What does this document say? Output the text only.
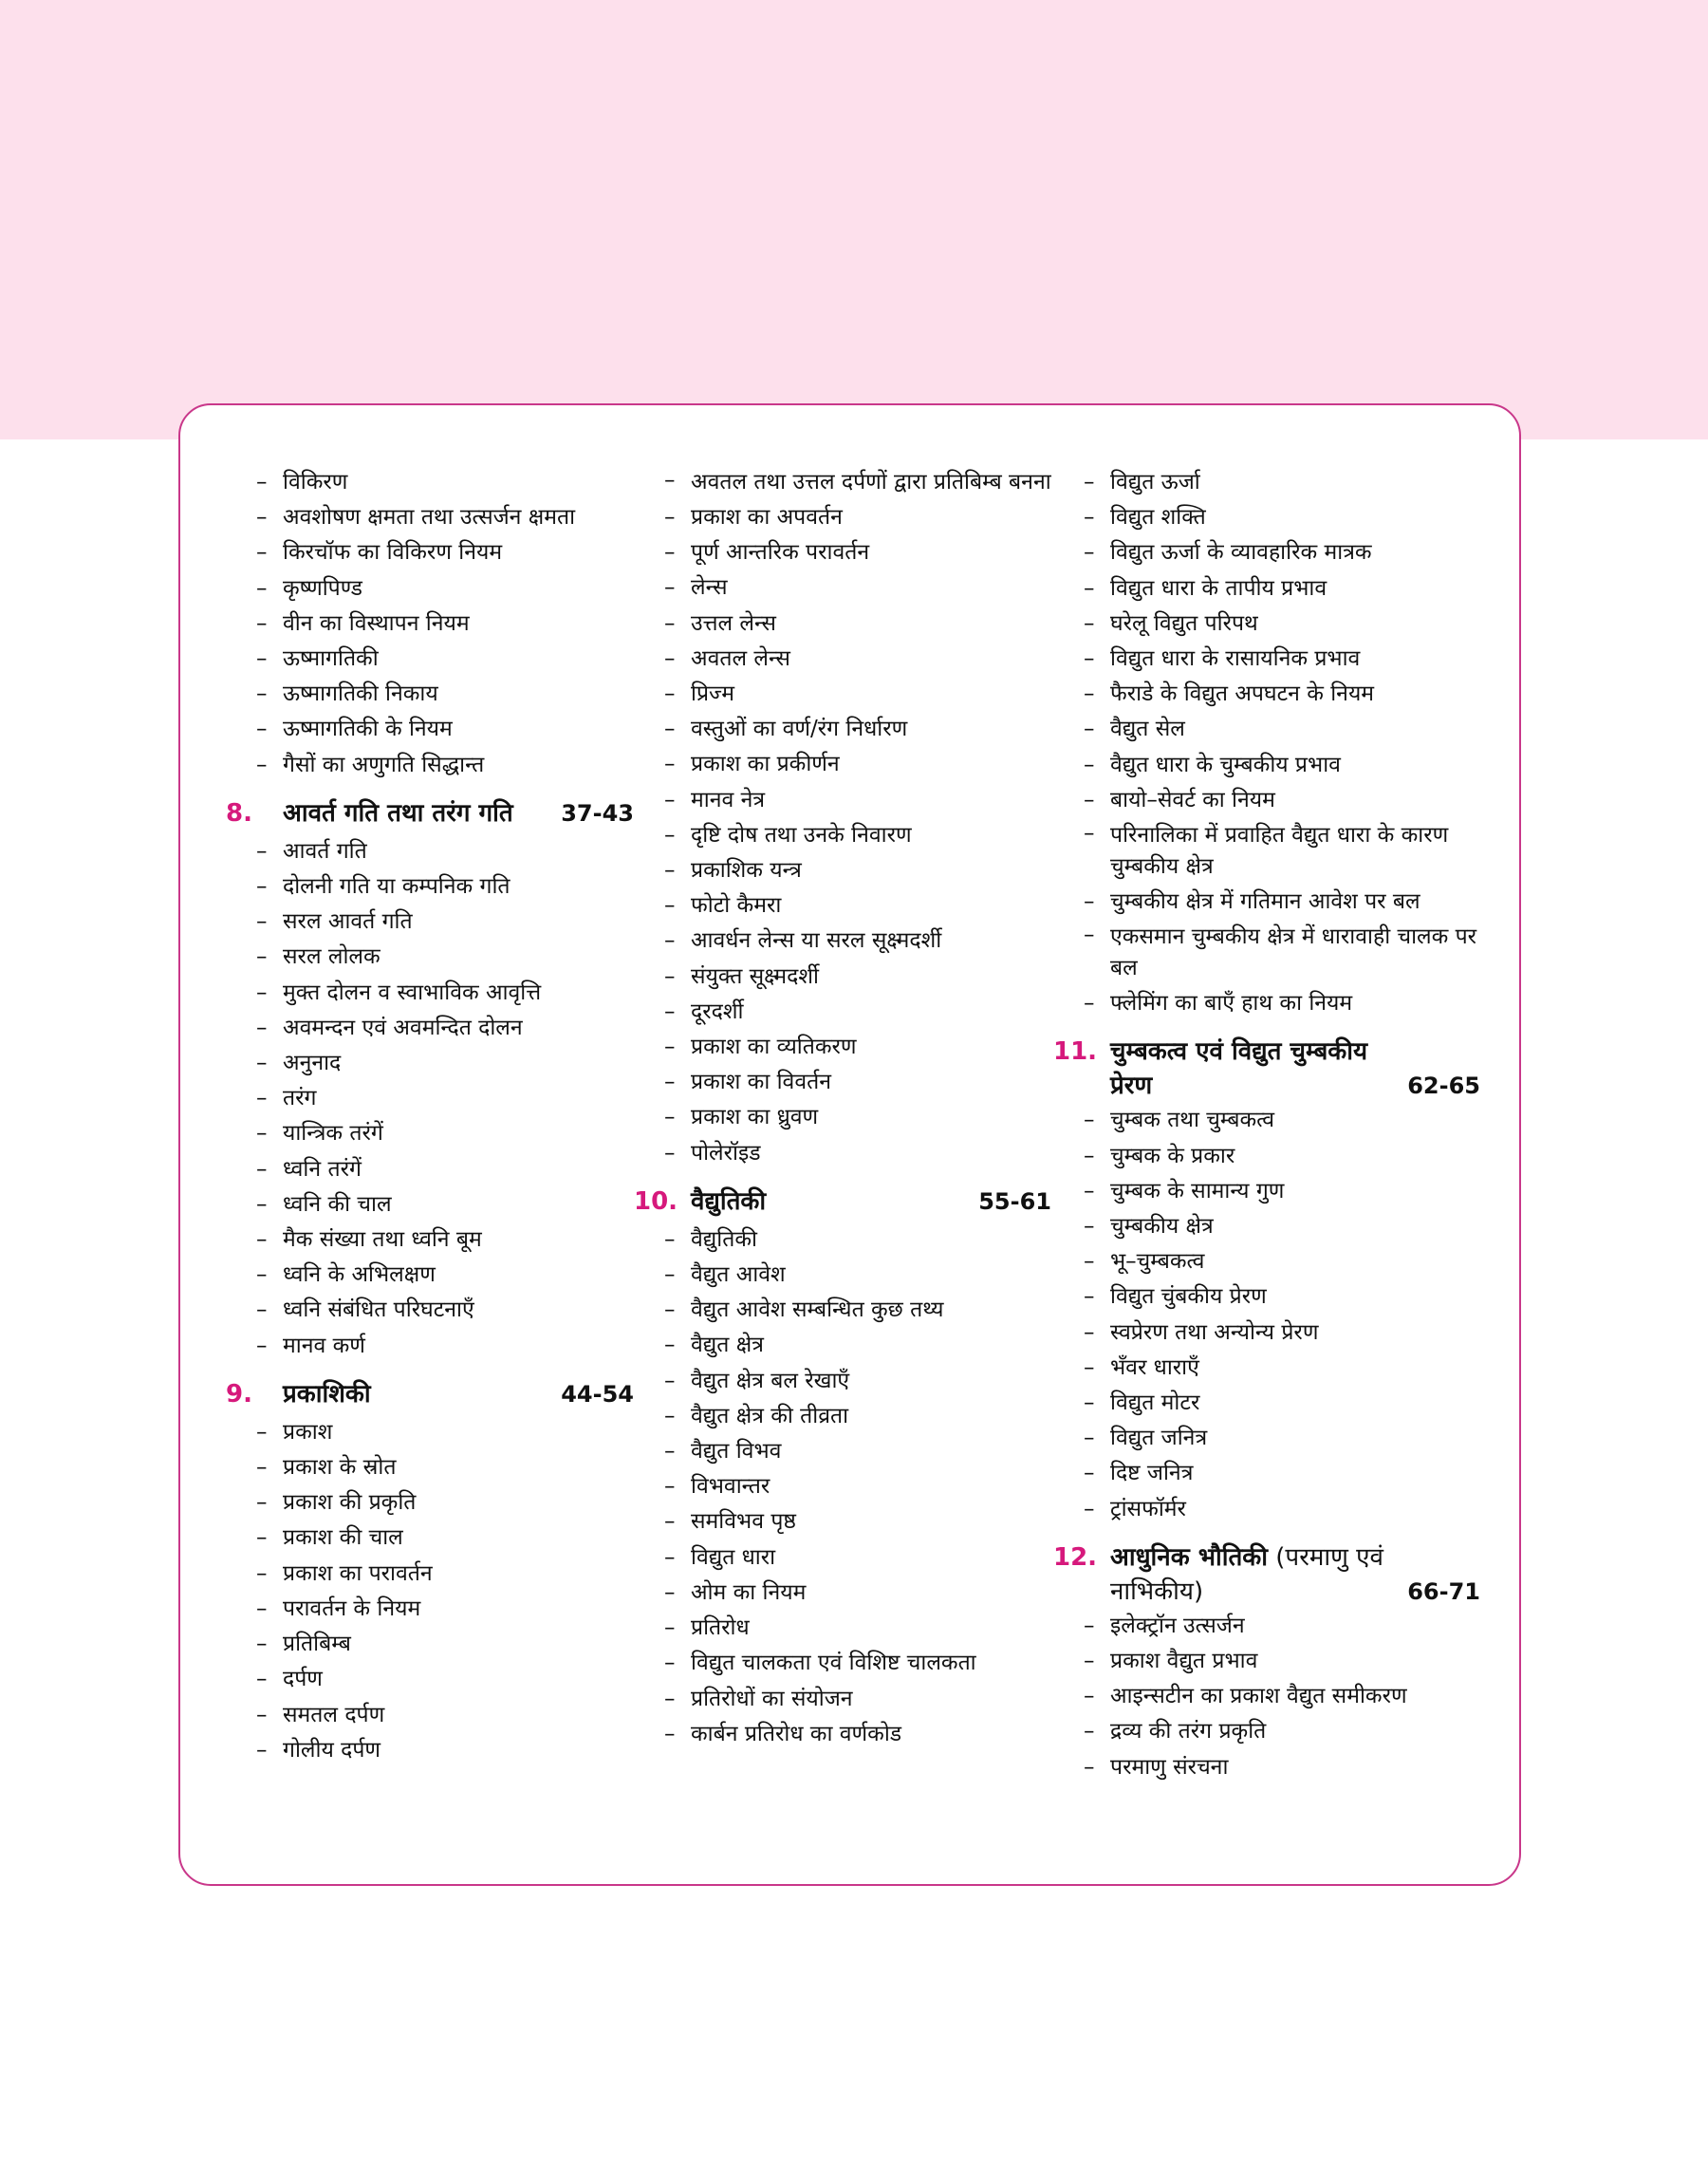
– विकिरण
– अवशोषण क्षमता तथा उत्सर्जन क्षमता
– किरचॉफ का विकिरण नियम
– कृष्णपिण्ड
– वीन का विस्थापन नियम
– ऊष्मागतिकी
– ऊष्मागतिकी निकाय
– ऊष्मागतिकी के नियम
– गैसों का अणुगति सिद्धान्त
8. आवर्त गति तथा तरंग गति 37-43
– आवर्त गति
– दोलनी गति या कम्पनिक गति
– सरल आवर्त गति
– सरल लोलक
– मुक्त दोलन व स्वाभाविक आवृत्ति
– अवमन्दन एवं अवमन्दित दोलन
– अनुनाद
– तरंग
– यान्त्रिक तरंगें
– ध्वनि तरंगें
– ध्वनि की चाल
– मैक संख्या तथा ध्वनि बूम
– ध्वनि के अभिलक्षण
– ध्वनि संबंधित परिघटनाएँ
– मानव कर्ण
9. प्रकाशिकी	44-54
– प्रकाश
– प्रकाश के स्रोत
– प्रकाश की प्रकृति
– प्रकाश की चाल
– प्रकाश का परावर्तन
– परावर्तन के नियम
– प्रतिबिम्ब
– दर्पण
– समतल दर्पण
– गोलीय दर्पण
– अवतल तथा उत्तल दर्पणों द्वारा प्रतिबिम्ब बनना
– प्रकाश का अपवर्तन
– पूर्ण आन्तरिक परावर्तन
– लेन्स
– उत्तल लेन्स
– अवतल लेन्स
– प्रिज्म
– वस्तुओं का वर्ण/रंग निर्धारण
– प्रकाश का प्रकीर्णन
– मानव नेत्र
– दृष्टि दोष तथा उनके निवारण
– प्रकाशिक यन्त्र
– फोटो कैमरा
– आवर्धन लेन्स या सरल सूक्ष्मदर्शी
– संयुक्त सूक्ष्मदर्शी
– दूरदर्शी
– प्रकाश का व्यतिकरण
– प्रकाश का विवर्तन
– प्रकाश का ध्रुवण
– पोलेरॉइड
10. वैद्युतिकी	55-61
– वैद्युतिकी
– वैद्युत आवेश
– वैद्युत आवेश सम्बन्धित कुछ तथ्य
– वैद्युत क्षेत्र
– वैद्युत क्षेत्र बल रेखाएँ
– वैद्युत क्षेत्र की तीव्रता
– वैद्युत विभव
– विभवान्तर
– समविभव पृष्ठ
– विद्युत धारा
– ओम का नियम
– प्रतिरोध
– विद्युत चालकता एवं विशिष्ट चालकता
– प्रतिरोधों का संयोजन
– कार्बन प्रतिरोध का वर्णकोड
– विद्युत ऊर्जा
– विद्युत शक्ति
– विद्युत ऊर्जा के व्यावहारिक मात्रक
– विद्युत धारा के तापीय प्रभाव
– घरेलू विद्युत परिपथ
– विद्युत धारा के रासायनिक प्रभाव
– फैराडे के विद्युत अपघटन के नियम
– वैद्युत सेल
– वैद्युत धारा के चुम्बकीय प्रभाव
– बायो–सेवर्ट का नियम
– परिनालिका में प्रवाहित वैद्युत धारा के कारण चुम्बकीय क्षेत्र
– चुम्बकीय क्षेत्र में गतिमान आवेश पर बल
– एकसमान चुम्बकीय क्षेत्र में धारावाही चालक पर बल
– फ्लेमिंग का बाएँ हाथ का नियम
11. चुम्बकत्व एवं विद्युत चुम्बकीय
प्रेरण	62-65
– चुम्बक तथा चुम्बकत्व
– चुम्बक के प्रकार
– चुम्बक के सामान्य गुण
– चुम्बकीय क्षेत्र
– भू–चुम्बकत्व
– विद्युत चुंबकीय प्रेरण
– स्वप्रेरण तथा अन्योन्य प्रेरण
– भँवर धाराएँ
– विद्युत मोटर
– विद्युत जनित्र
– दिष्ट जनित्र
– ट्रांसफॉर्मर
12. आधुनिक भौतिकी (परमाणु एवं
नाभिकीय)	66-71
– इलेक्ट्रॉन उत्सर्जन
– प्रकाश वैद्युत प्रभाव
– आइन्सटीन का प्रकाश वैद्युत समीकरण
– द्रव्य की तरंग प्रकृति
– परमाणु संरचना
